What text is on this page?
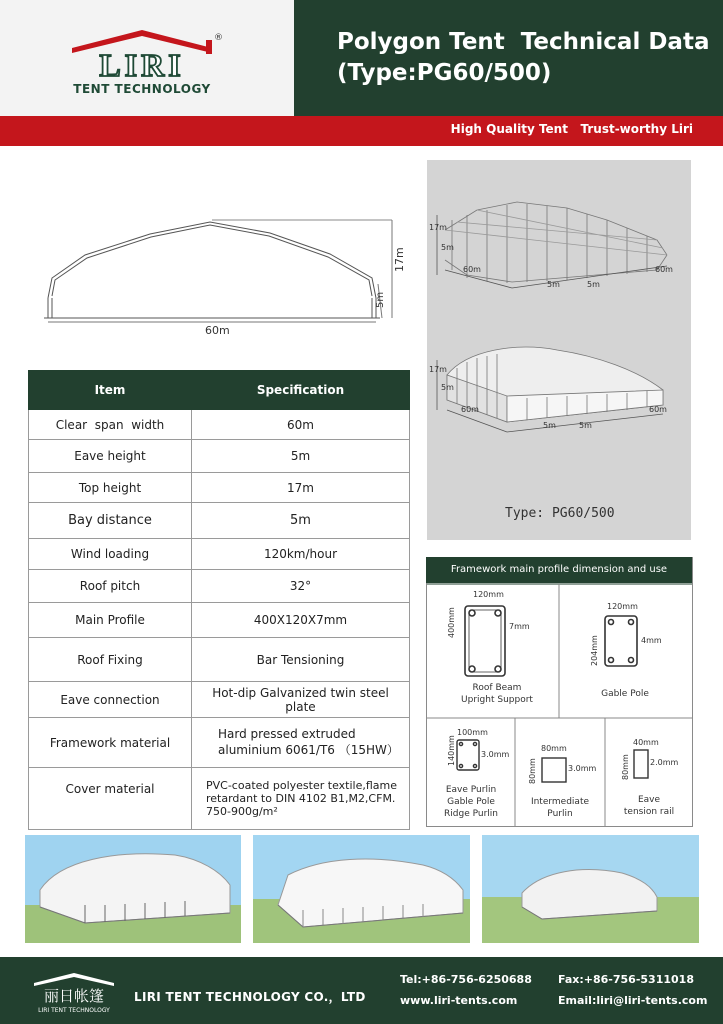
LIRI
®
TENT TECHNOLOGY
Polygon Tent  Technical Data
(Type:PG60/500)
High Quality Tent   Trust-worthy Liri
60m
17m
5m
17m
5m
60m	60m
5m	5m
17m
5m
60m	60m
5m	5m
Type: PG60/500
Item	Specification
Clear  span  width	60m
Eave height	5m
Top height	17m
Bay distance	5m
Wind loading	120km/hour
Roof pitch	32°
Main Profile	400X120X7mm
Roof Fixing	Bar Tensioning
Eave connection	Hot-dip Galvanized twin steel plate
Framework material	Hard pressed extruded aluminium 6061/T6 （15HW）
Cover material	PVC-coated polyester textile,flame retardant to DIN 4102 B1,M2,CFM. 750-900g/m²
120mm
400mm	7mm
Roof Beam
Upright Support
120mm
204mm	4mm
Gable Pole
100mm
140mm	3.0mm
Eave Purlin
Gable Pole
Ridge Purlin
80mm
80mm	3.0mm
Intermediate
Purlin
40mm
80mm	2.0mm
Eave
tension rail
Framework main profile dimension and use
丽日帐篷
LIRI TENT TECHNOLOGY
LIRI TENT TECHNOLOGY CO.，LTD
Tel:+86-756-6250688 Fax:+86-756-5311018
www.liri-tents.com	Email:liri@liri-tents.com
